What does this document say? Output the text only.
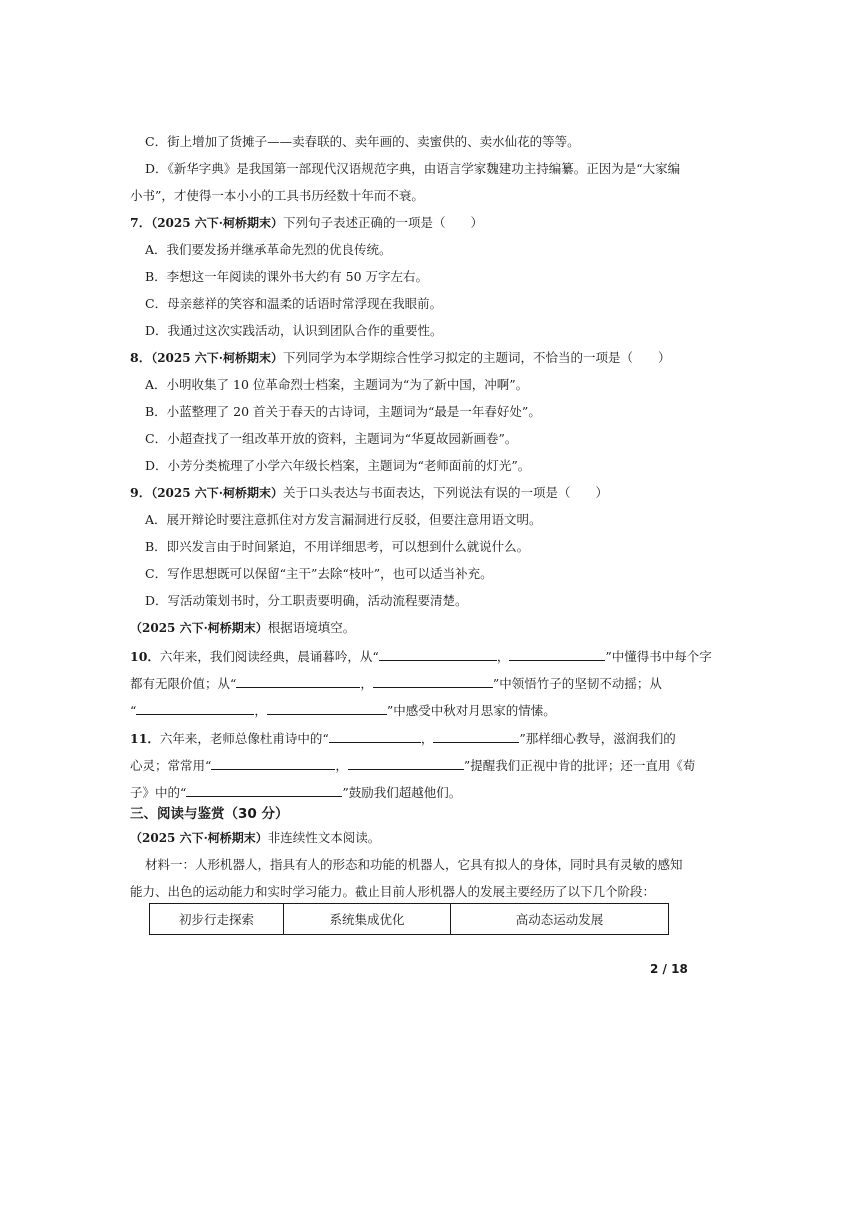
C．街上增加了货摊子——卖春联的、卖年画的、卖蜜供的、卖水仙花的等等。
D．《新华字典》是我国第一部现代汉语规范字典，由语言学家魏建功主持编纂。正因为是“大家编
小书”，才使得一本小小的工具书历经数十年而不衰。
7．（2025 六下·柯桥期末）下列句子表述正确的一项是（　　）
A．我们要发扬并继承革命先烈的优良传统。
B．李想这一年阅读的课外书大约有 50 万字左右。
C．母亲慈祥的笑容和温柔的话语时常浮现在我眼前。
D．我通过这次实践活动，认识到团队合作的重要性。
8．（2025 六下·柯桥期末）下列同学为本学期综合性学习拟定的主题词，不恰当的一项是（　　）
A．小明收集了 10 位革命烈士档案，主题词为“为了新中国，冲啊”。
B．小蓝整理了 20 首关于春天的古诗词，主题词为“最是一年春好处”。
C．小超查找了一组改革开放的资料，主题词为“华夏故园新画卷”。
D．小芳分类梳理了小学六年级长档案，主题词为“老师面前的灯光”。
9．（2025 六下·柯桥期末）关于口头表达与书面表达，下列说法有误的一项是（　　）
A．展开辩论时要注意抓住对方发言漏洞进行反驳，但要注意用语文明。
B．即兴发言由于时间紧迫，不用详细思考，可以想到什么就说什么。
C．写作思想既可以保留“主干”去除“枝叶”，也可以适当补充。
D．写活动策划书时，分工职责要明确，活动流程要清楚。
（2025 六下·柯桥期末）根据语境填空。
10．六年来，我们阅读经典，晨诵暮吟，从“	，	”中懂得书中每个字
都有无限价值；从“	，	”中领悟竹子的坚韧不动摇；从
“	，	”中感受中秋对月思家的情愫。
11．六年来，老师总像杜甫诗中的“	，	”那样细心教导，滋润我们的
心灵；常常用“	，	”提醒我们正视中肯的批评；还一直用《荀
子》中的“	”鼓励我们超越他们。
三、阅读与鉴赏（30 分）
（2025 六下·柯桥期末）非连续性文本阅读。
材料一：人形机器人，指具有人的形态和功能的机器人，它具有拟人的身体，同时具有灵敏的感知
能力、出色的运动能力和实时学习能力。截止目前人形机器人的发展主要经历了以下几个阶段：
初步行走探索	系统集成优化	高动态运动发展
2 / 18
